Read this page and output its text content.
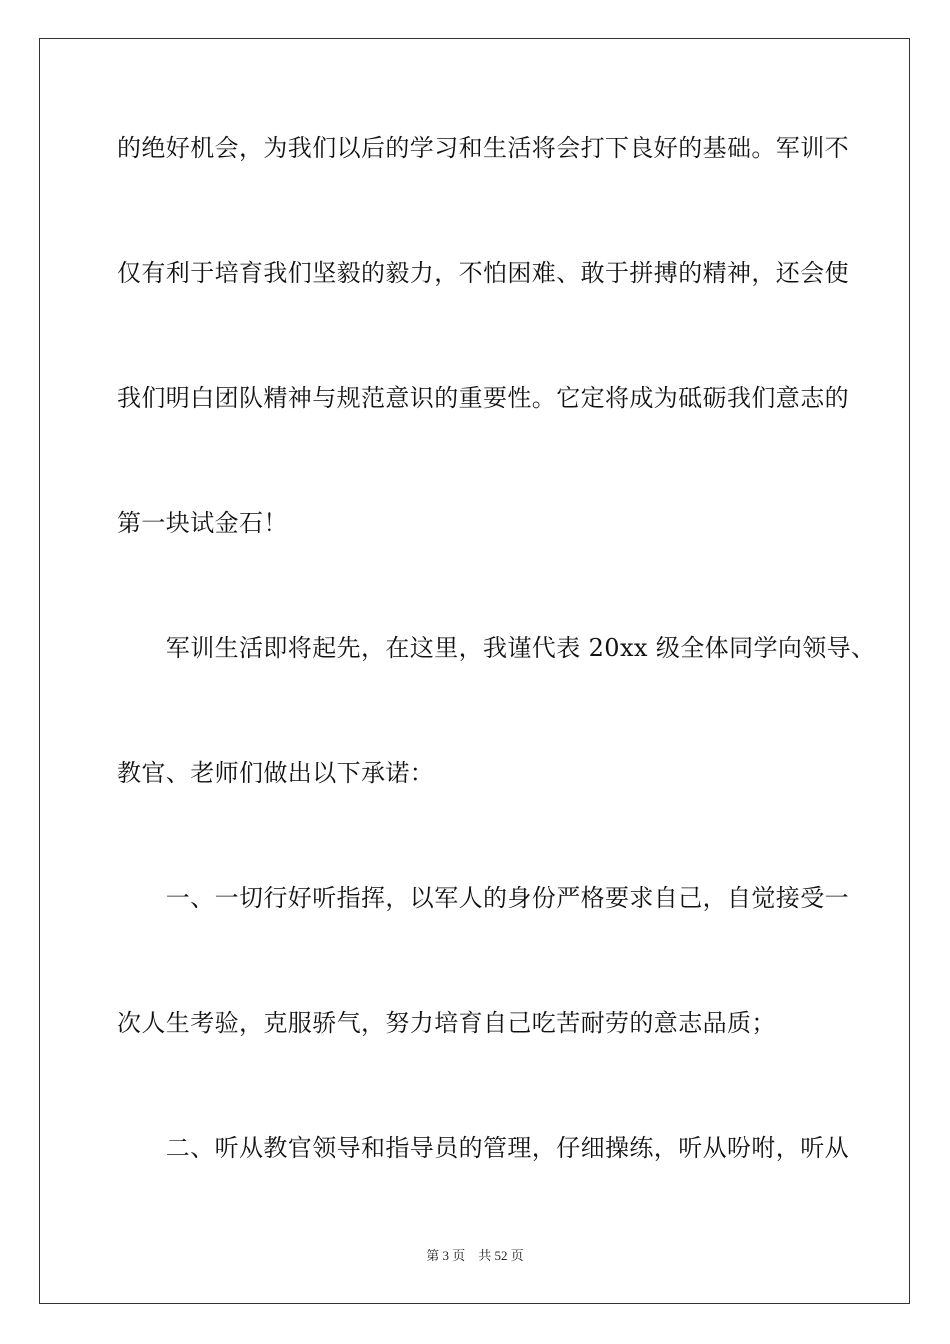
的绝好机会，为我们以后的学习和生活将会打下良好的基础。军训不
仅有利于培育我们坚毅的毅力，不怕困难、敢于拼搏的精神，还会使
我们明白团队精神与规范意识的重要性。它定将成为砥砺我们意志的
第一块试金石！
　　军训生活即将起先，在这里，我谨代表 20xx 级全体同学向领导、
教官、老师们做出以下承诺：
　　一、一切行好听指挥，以军人的身份严格要求自己，自觉接受一
次人生考验，克服骄气，努力培育自己吃苦耐劳的意志品质；
　　二、听从教官领导和指导员的管理，仔细操练，听从吩咐，听从
第 3 页　共 52 页
